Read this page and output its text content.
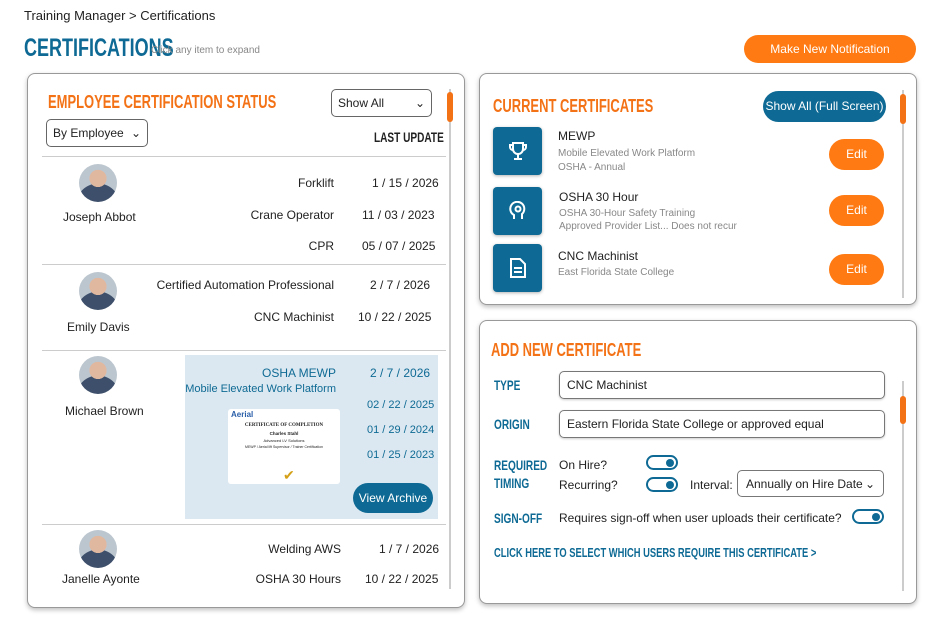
Training Manager > Certifications
CERTIFICATIONS
Click any item to expand	Make New Notification
EMPLOYEE CERTIFICATION STATUS	Show All	⌄
By Employee ⌄	LAST UPDATE
Joseph Abbot
Forklift	1 / 15 / 2026
Crane Operator 11 / 03 / 2023
CPR 05 / 07 / 2025
Emily Davis
Certified Automation Professional	2 / 7 / 2026
CNC Machinist 10 / 22 / 2025
Michael Brown
OSHA MEWP	2 / 7 / 2026
Mobile Elevated Work Platform
02 / 22 / 2025
01 / 29 / 2024
01 / 25 / 2023
Aerial
CERTIFICATE OF COMPLETION
Charles Stahl
Advanced LV Solutions
MEWP / Aerial lift Supervisor / Trainer Certification
✔
View Archive
Janelle Ayonte
Welding AWS	1 / 7 / 2026
OSHA 30 Hours 10 / 22 / 2025
CURRENT CERTIFICATES	Show All (Full Screen)
MEWP
Mobile Elevated Work Platform
OSHA - Annual
Edit
OSHA 30 Hour
OSHA 30-Hour Safety Training
Approved Provider List... Does not recur
Edit
CNC Machinist
East Florida State College	Edit
ADD NEW CERTIFICATE
TYPE	CNC Machinist
ORIGIN	Eastern Florida State College or approved equal
REQUIRED
TIMING
On Hire?
Recurring?	Interval: Annually on Hire Date ⌄
SIGN-OFF	Requires sign-off when user uploads their certificate?
CLICK HERE TO SELECT WHICH USERS REQUIRE THIS CERTIFICATE >
